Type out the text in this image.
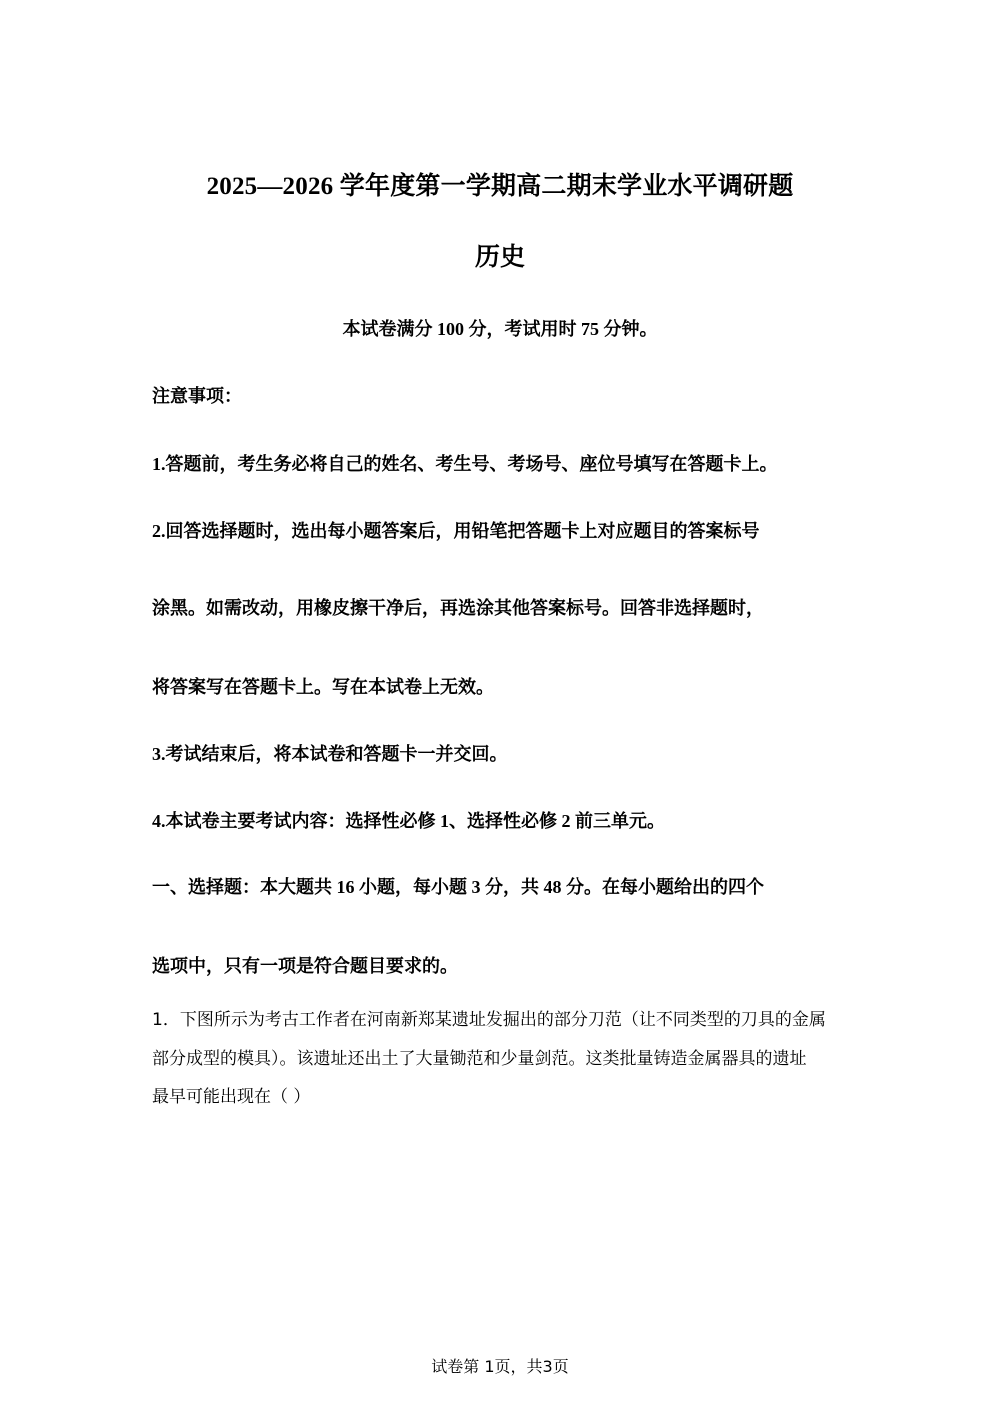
2025—2026 学年度第一学期高二期末学业水平调研题
历史
本试卷满分 100 分，考试用时 75 分钟。
注意事项：
1.答题前，考生务必将自己的姓名、考生号、考场号、座位号填写在答题卡上。
2.回答选择题时，选出每小题答案后，用铅笔把答题卡上对应题目的答案标号
涂黑。如需改动，用橡皮擦干净后，再选涂其他答案标号。回答非选择题时，
将答案写在答题卡上。写在本试卷上无效。
3.考试结束后，将本试卷和答题卡一并交回。
4.本试卷主要考试内容：选择性必修 1、选择性必修 2 前三单元。
一、选择题：本大题共 16 小题，每小题 3 分，共 48 分。在每小题给出的四个
选项中，只有一项是符合题目要求的。
1．下图所示为考古工作者在河南新郑某遗址发掘出的部分刀范（让不同类型的刀具的金属
部分成型的模具）。该遗址还出土了大量锄范和少量剑范。这类批量铸造金属器具的遗址
最早可能出现在（ ）
试卷第 1页，共3页
